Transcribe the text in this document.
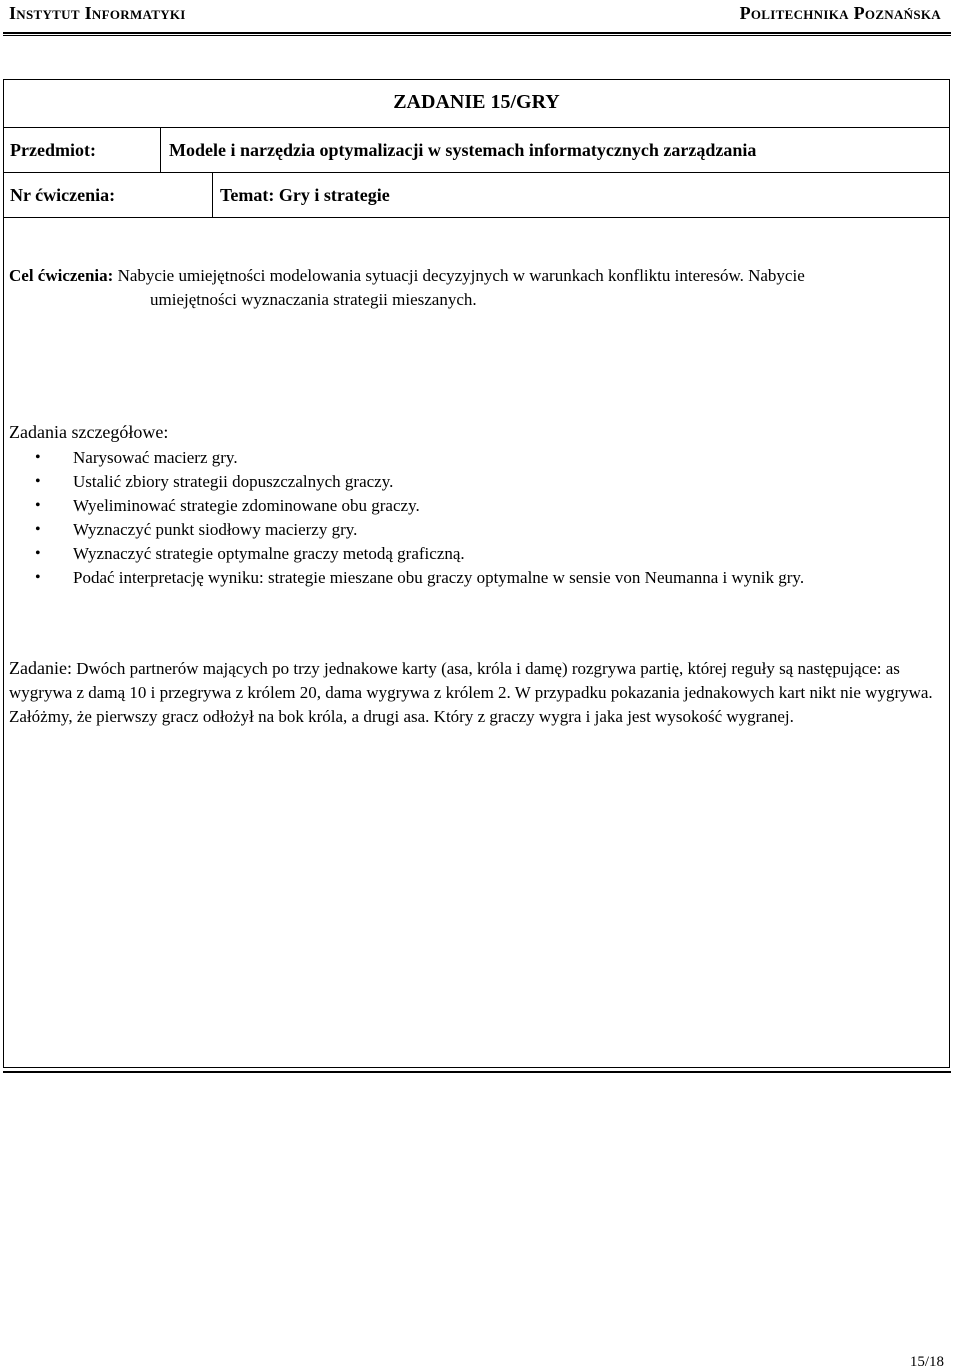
Instytut Informatyki	Politechnika Poznańska
ZADANIE 15/GRY
Przedmiot:	Modele i narzędzia optymalizacji w systemach informatycznych zarządzania
Nr ćwiczenia:	Temat: Gry i strategie
Cel ćwiczenia: Nabycie umiejętności modelowania sytuacji decyzyjnych w warunkach konfliktu interesów. Nabycie
umiejętności wyznaczania strategii mieszanych.
Zadania szczegółowe:
• Narysować macierz gry.
• Ustalić zbiory strategii dopuszczalnych graczy.
• Wyeliminować strategie zdominowane obu graczy.
• Wyznaczyć punkt siodłowy macierzy gry.
• Wyznaczyć strategie optymalne graczy metodą graficzną.
• Podać interpretację wyniku: strategie mieszane obu graczy optymalne w sensie von Neumanna i wynik gry.
Zadanie: Dwóch partnerów mających po trzy jednakowe karty (asa, króla i damę) rozgrywa partię, której reguły są następujące: as wygrywa z damą 10 i przegrywa z królem 20, dama wygrywa z królem 2. W przypadku pokazania jednakowych kart nikt nie wygrywa. Załóżmy, że pierwszy gracz odłożył na bok króla, a drugi asa. Który z graczy wygra i jaka jest wysokość wygranej.
15/18
